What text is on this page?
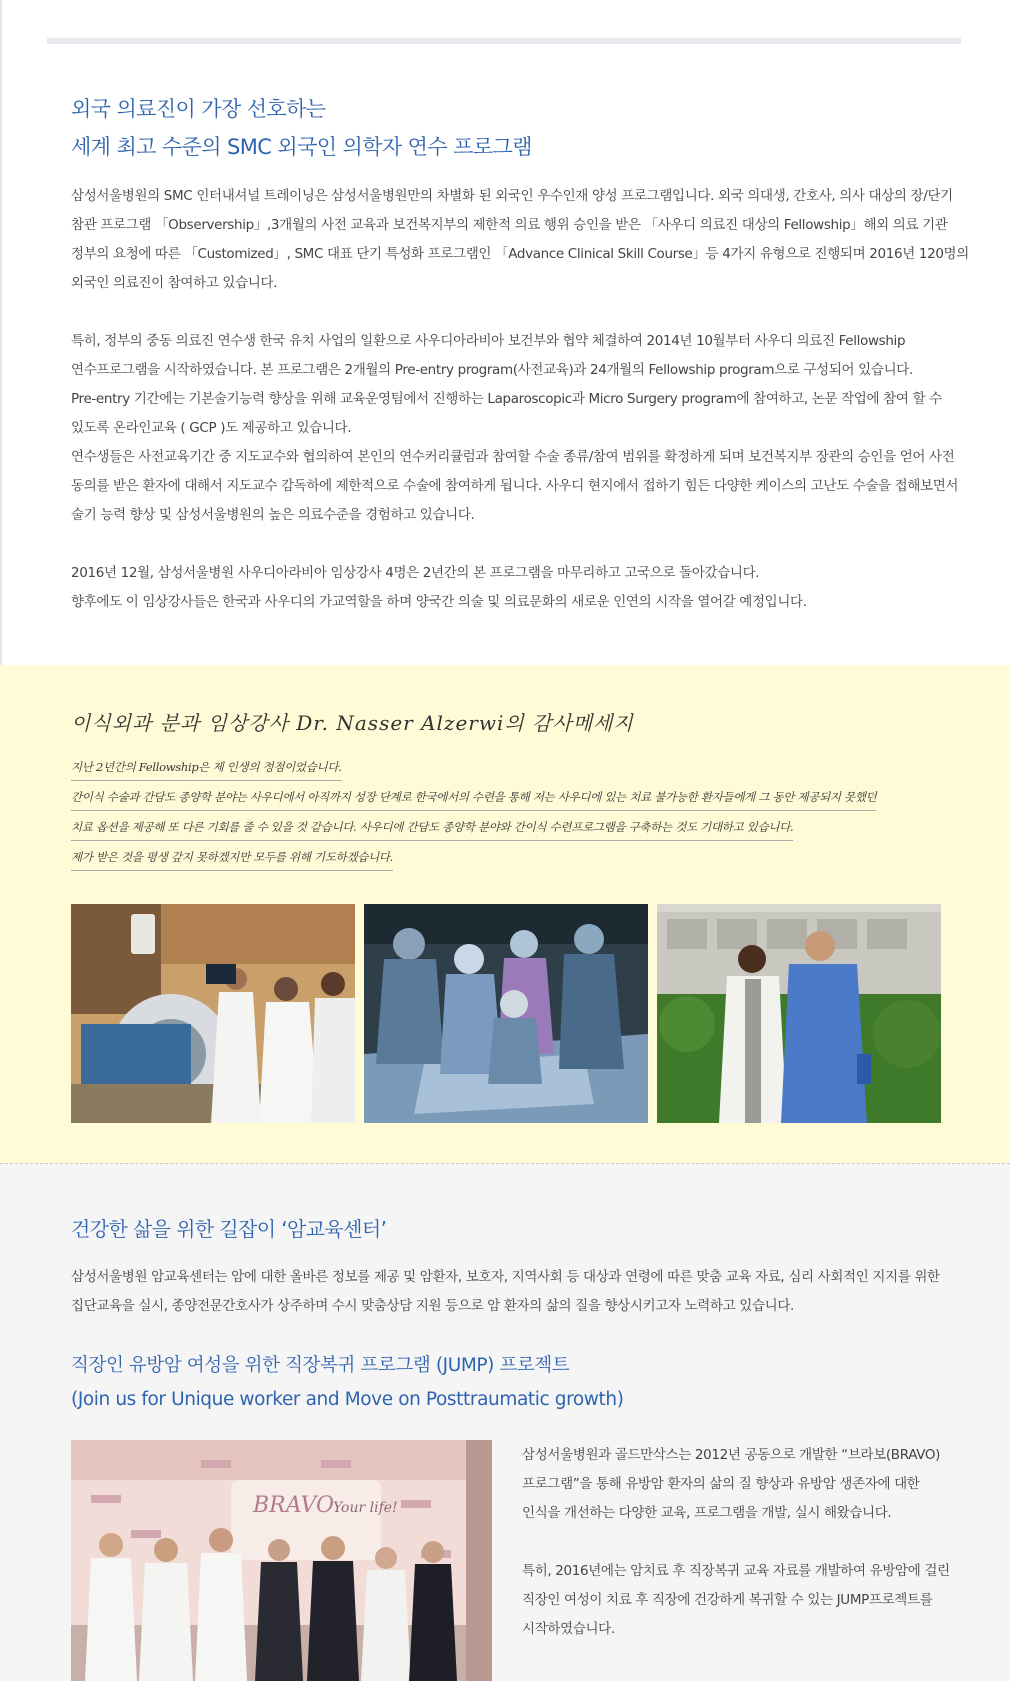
외국 의료진이 가장 선호하는
세계 최고 수준의 SMC 외국인 의학자 연수 프로그램

삼성서울병원의 SMC 인터내셔널 트레이닝은 삼성서울병원만의 차별화 된 외국인 우수인재 양성 프로그램입니다. 외국 의대생, 간호사, 의사 대상의 장/단기
참관 프로그램 「Observership」,3개월의 사전 교육과 보건복지부의 제한적 의료 행위 승인을 받은 「사우디 의료진 대상의 Fellowship」해외 의료 기관
정부의 요청에 따른 「Customized」, SMC 대표 단기 특성화 프로그램인 「Advance Clinical Skill Course」등 4가지 유형으로 진행되며 2016년 120명의
외국인 의료진이 참여하고 있습니다.

특히, 정부의 중동 의료진 연수생 한국 유치 사업의 일환으로 사우디아라비아 보건부와 협약 체결하여 2014년 10월부터 사우디 의료진 Fellowship
연수프로그램을 시작하였습니다. 본 프로그램은 2개월의 Pre-entry program(사전교육)과 24개월의 Fellowship program으로 구성되어 있습니다.
Pre-entry 기간에는 기본술기능력 향상을 위해 교육운영팀에서 진행하는 Laparoscopic과 Micro Surgery program에 참여하고, 논문 작업에 참여 할 수
있도록 온라인교육 ( GCP )도 제공하고 있습니다.
연수생들은 사전교육기간 중 지도교수와 협의하여 본인의 연수커리큘럼과 참여할 수술 종류/참여 범위를 확정하게 되며 보건복지부 장관의 승인을 얻어 사전
동의를 받은 환자에 대해서 지도교수 감독하에 제한적으로 수술에 참여하게 됩니다. 사우디 현지에서 접하기 힘든 다양한 케이스의 고난도 수술을 접해보면서
술기 능력 향상 및 삼성서울병원의 높은 의료수준을 경험하고 있습니다.

2016년 12월, 삼성서울병원 사우디아라비아 임상강사 4명은 2년간의 본 프로그램을 마무리하고 고국으로 돌아갔습니다.
향후에도 이 임상강사들은 한국과 사우디의 가교역할을 하며 양국간 의술 및 의료문화의 새로운 인연의 시작을 열어갈 예정입니다.

이식외과 분과 임상강사 Dr. Nasser Alzerwi의 감사메세지

지난 2년간의 Fellowship은 제 인생의 정점이었습니다.

간이식 수술과 간담도 종양학 분야는 사우디에서 아직까지 성장 단계로 한국에서의 수련을 통해 저는 사우디에 있는 치료 불가능한 환자들에게 그 동안 제공되지 못했던

치료 옵션을 제공해 또 다른 기회를 줄 수 있을 것 같습니다. 사우디에 간담도 종양학 분야와 간이식 수련프로그램을 구축하는 것도 기대하고 있습니다.

제가 받은 것을 평생 갚지 못하겠지만 모두를 위해 기도하겠습니다.

건강한 삶을 위한 길잡이 ‘암교육센터’

삼성서울병원 암교육센터는 암에 대한 올바른 정보를 제공 및 암환자, 보호자, 지역사회 등 대상과 연령에 따른 맞춤 교육 자료, 심리 사회적인 지지를 위한
집단교육을 실시, 종양전문간호사가 상주하며 수시 맞춤상담 지원 등으로 암 환자의 삶의 질을 향상시키고자 노력하고 있습니다.

직장인 유방암 여성을 위한 직장복귀 프로그램 (JUMP) 프로젝트
(Join us for Unique worker and Move on Posttraumatic growth)
BRAVO
Your life!
삼성서울병원과 골드만삭스는 2012년 공동으로 개발한 “브라보(BRAVO)
프로그램”을 통해 유방암 환자의 삶의 질 향상과 유방암 생존자에 대한
인식을 개선하는 다양한 교육, 프로그램을 개발, 실시 해왔습니다.
특히, 2016년에는 암치료 후 직장복귀 교육 자료를 개발하여 유방암에 걸린
직장인 여성이 치료 후 직장에 건강하게 복귀할 수 있는 JUMP프로젝트를
시작하였습니다.
